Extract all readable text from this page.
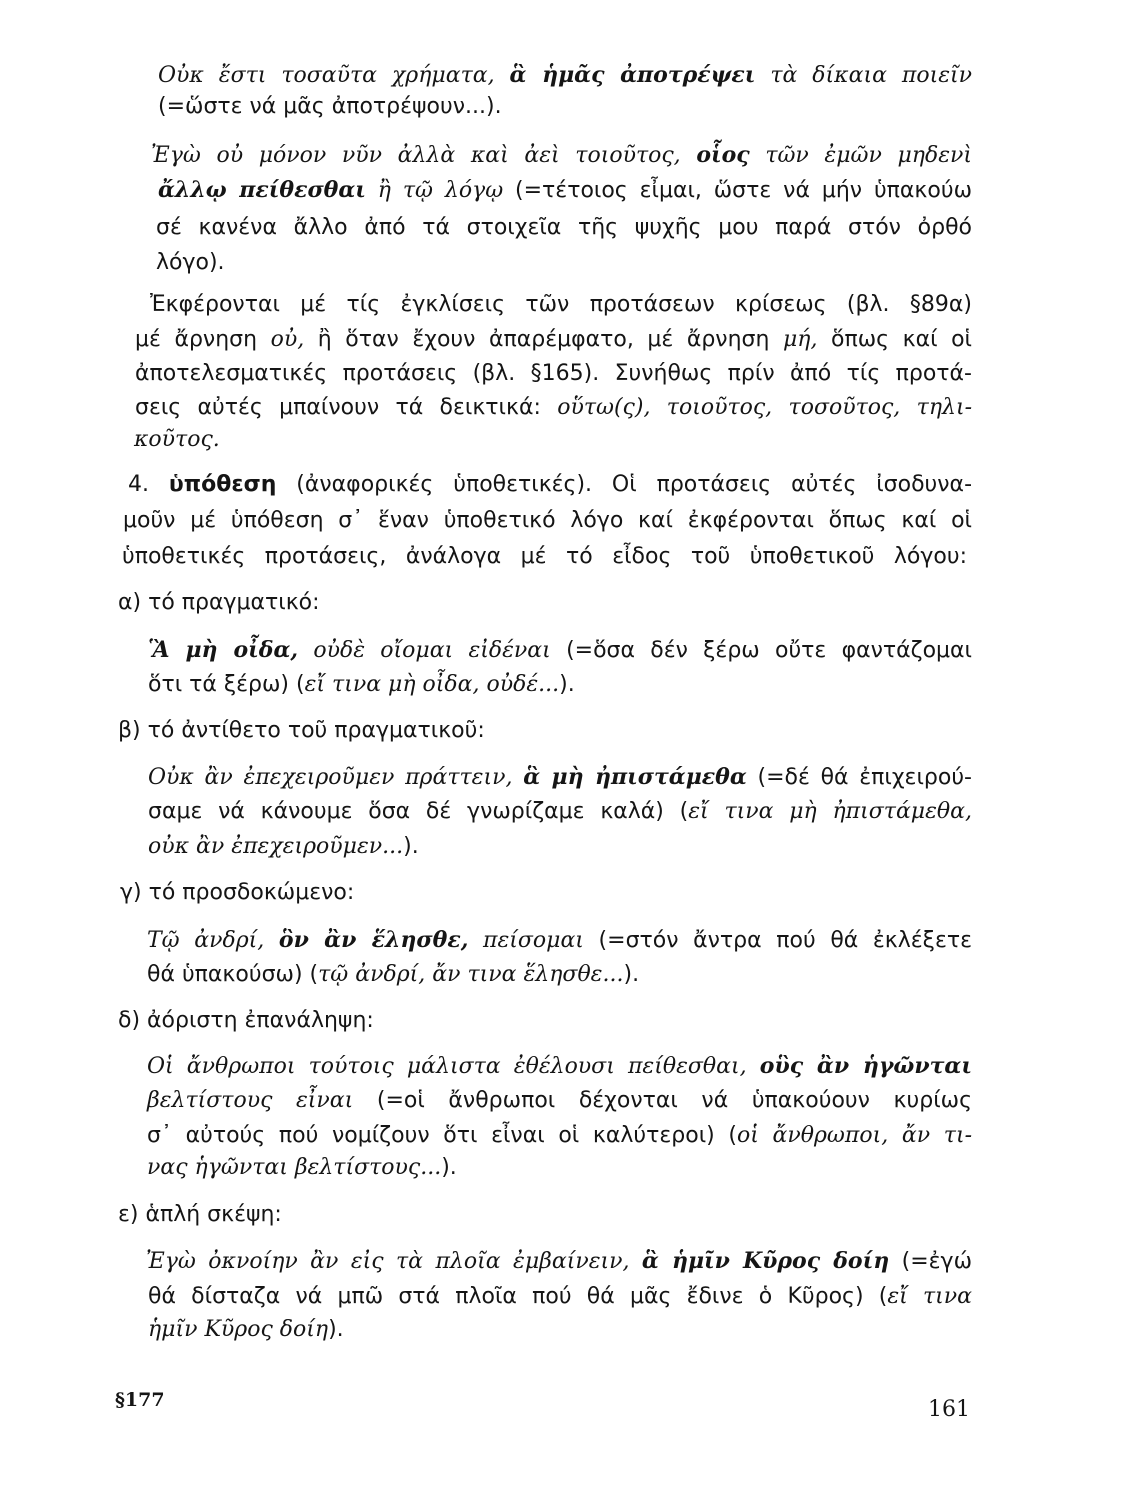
Οὐκ ἔστι τοσαῦτα χρήματα, ἃ ἡμᾶς ἀποτρέψει τὰ δίκαια ποιεῖν
(=ὥστε νά μᾶς ἀποτρέψουν...).
Ἐγὼ οὐ μόνον νῦν ἀλλὰ καὶ ἀεὶ τοιοῦτος, οἷος τῶν ἐμῶν μηδενὶ
ἄλλῳ πείθεσθαι ἢ τῷ λόγῳ (=τέτοιος εἶμαι, ὥστε νά μήν ὑπακούω
σέ κανένα ἄλλο ἀπό τά στοιχεῖα τῆς ψυχῆς μου παρά στόν ὀρθό
λόγο).
Ἐκφέρονται μέ τίς ἐγκλίσεις τῶν προτάσεων κρίσεως (βλ. §89α)
μέ ἄρνηση οὐ, ἢ ὅταν ἔχουν ἀπαρέμφατο, μέ ἄρνηση μή, ὅπως καί οἱ
ἀποτελεσματικές προτάσεις (βλ. §165). Συνήθως πρίν ἀπό τίς προτά-
σεις αὐτές μπαίνουν τά δεικτικά: οὕτω(ς), τοιοῦτος, τοσοῦτος, τηλι-
κοῦτος.
4. ὑπόθεση (ἀναφορικές ὑποθετικές). Οἱ προτάσεις αὐτές ἰσοδυνα-
μοῦν μέ ὑπόθεση σ᾿ ἕναν ὑποθετικό λόγο καί ἐκφέρονται ὅπως καί οἱ
ὑποθετικές προτάσεις, ἀνάλογα μέ τό εἶδος τοῦ ὑποθετικοῦ λόγου:
α) τό πραγματικό:
Ἃ μὴ οἶδα, οὐδὲ οἴομαι εἰδέναι (=ὅσα δέν ξέρω οὔτε φαντάζομαι
ὅτι τά ξέρω) (εἴ τινα μὴ οἶδα, οὐδέ...).
β) τό ἀντίθετο τοῦ πραγματικοῦ:
Οὐκ ἂν ἐπεχειροῦμεν πράττειν, ἃ μὴ ἠπιστάμεθα (=δέ θά ἐπιχειρού-
σαμε νά κάνουμε ὅσα δέ γνωρίζαμε καλά) (εἴ τινα μὴ ἠπιστάμεθα,
οὐκ ἂν ἐπεχειροῦμεν...).
γ) τό προσδοκώμενο:
Τῷ ἀνδρί, ὃν ἂν ἕλησθε, πείσομαι (=στόν ἄντρα πού θά ἐκλέξετε
θά ὑπακούσω) (τῷ ἀνδρί, ἄν τινα ἕλησθε...).
δ) ἀόριστη ἐπανάληψη:
Οἱ ἄνθρωποι τούτοις μάλιστα ἐθέλουσι πείθεσθαι, οὓς ἂν ἡγῶνται
βελτίστους εἶναι (=οἱ ἄνθρωποι δέχονται νά ὑπακούουν κυρίως
σ᾿ αὐτούς πού νομίζουν ὅτι εἶναι οἱ καλύτεροι) (οἱ ἄνθρωποι, ἄν τι-
νας ἡγῶνται βελτίστους...).
ε) ἁπλή σκέψη:
Ἐγὼ ὀκνοίην ἂν εἰς τὰ πλοῖα ἐμβαίνειν, ἃ ἡμῖν Κῦρος δοίη (=ἐγώ
θά δίσταζα νά μπῶ στά πλοῖα πού θά μᾶς ἔδινε ὁ Κῦρος) (εἴ τινα
ἡμῖν Κῦρος δοίη).
§177	161
